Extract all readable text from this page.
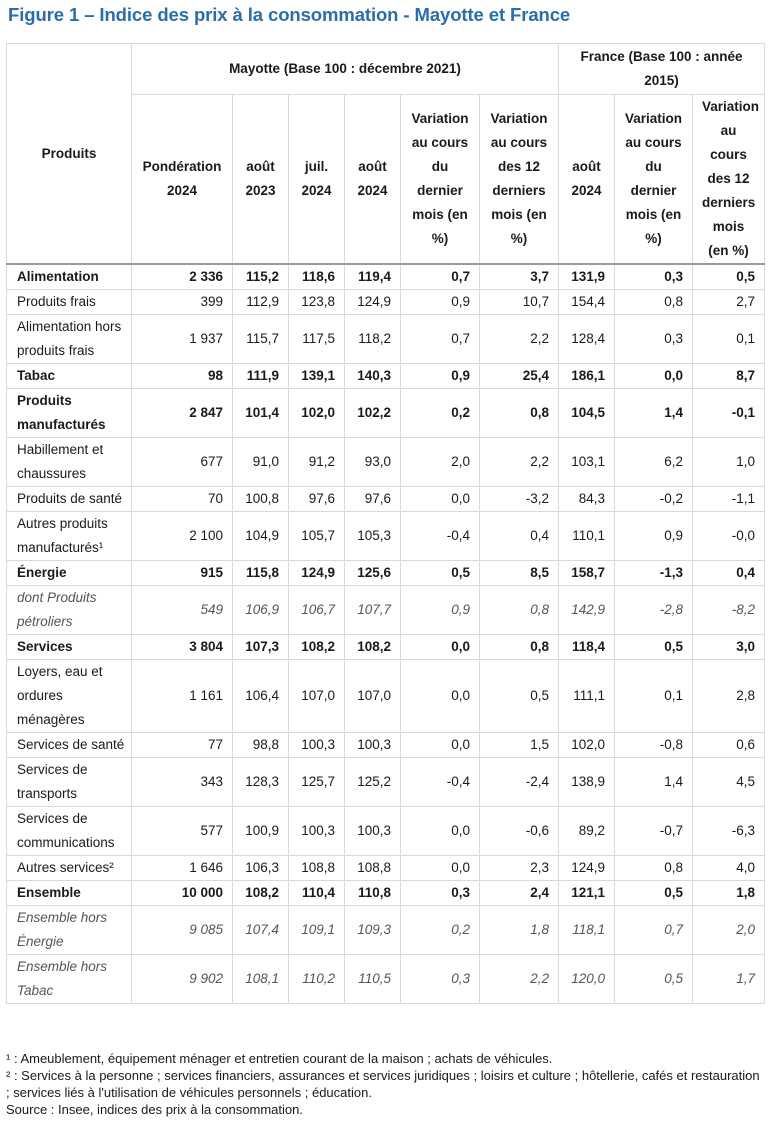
Figure 1 – Indice des prix à la consommation - Mayotte et France
Produits	Mayotte (Base 100 : décembre 2021)						France (Base 100 : année 2015)		
	Pondération 2024	août 2023	juil. 2024	août 2024	Variation au cours du dernier mois (en %)	Variation au cours des 12 derniers mois (en %)	août 2024	Variation au cours du dernier mois (en %)	Variation au cours des 12 derniers mois (en %)
Alimentation	2 336	115,2	118,6	119,4	0,7	3,7	131,9	0,3	0,5
Produits frais	399	112,9	123,8	124,9	0,9	10,7	154,4	0,8	2,7
Alimentation hors produits frais	1 937	115,7	117,5	118,2	0,7	2,2	128,4	0,3	0,1
Tabac	98	111,9	139,1	140,3	0,9	25,4	186,1	0,0	8,7
Produits manufacturés	2 847	101,4	102,0	102,2	0,2	0,8	104,5	1,4	-0,1
Habillement et chaussures	677	91,0	91,2	93,0	2,0	2,2	103,1	6,2	1,0
Produits de santé	70	100,8	97,6	97,6	0,0	-3,2	84,3	-0,2	-1,1
Autres produits manufacturés¹	2 100	104,9	105,7	105,3	-0,4	0,4	110,1	0,9	-0,0
Énergie	915	115,8	124,9	125,6	0,5	8,5	158,7	-1,3	0,4
dont Produits pétroliers	549	106,9	106,7	107,7	0,9	0,8	142,9	-2,8	-8,2
Services	3 804	107,3	108,2	108,2	0,0	0,8	118,4	0,5	3,0
Loyers, eau et ordures ménagères	1 161	106,4	107,0	107,0	0,0	0,5	111,1	0,1	2,8
Services de santé	77	98,8	100,3	100,3	0,0	1,5	102,0	-0,8	0,6
Services de transports	343	128,3	125,7	125,2	-0,4	-2,4	138,9	1,4	4,5
Services de communications	577	100,9	100,3	100,3	0,0	-0,6	89,2	-0,7	-6,3
Autres services²	1 646	106,3	108,8	108,8	0,0	2,3	124,9	0,8	4,0
Ensemble	10 000	108,2	110,4	110,8	0,3	2,4	121,1	0,5	1,8
Ensemble hors Énergie	9 085	107,4	109,1	109,3	0,2	1,8	118,1	0,7	2,0
Ensemble hors Tabac	9 902	108,1	110,2	110,5	0,3	2,2	120,0	0,5	1,7
¹ : Ameublement, équipement ménager et entretien courant de la maison ; achats de véhicules.
² : Services à la personne ; services financiers, assurances et services juridiques ; loisirs et culture ; hôtellerie, cafés et restauration ; services liés à l'utilisation de véhicules personnels ; éducation.
Source : Insee, indices des prix à la consommation.
